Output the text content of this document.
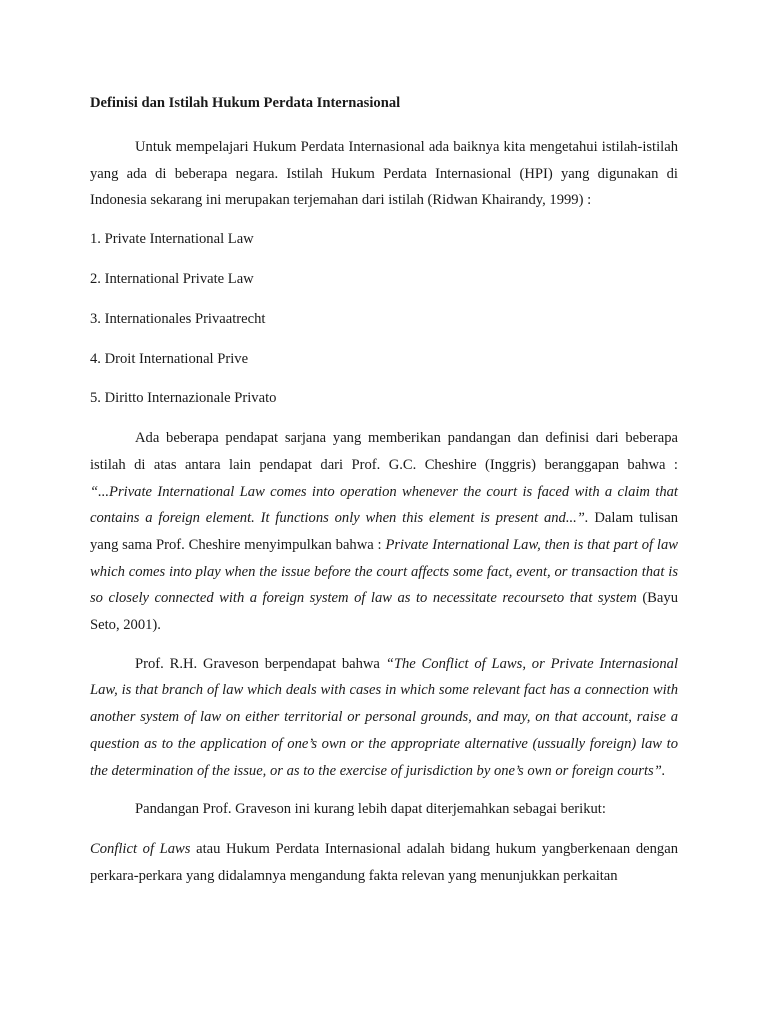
Definisi dan Istilah Hukum Perdata Internasional

Untuk mempelajari Hukum Perdata Internasional ada baiknya kita mengetahui istilah-istilah yang ada di beberapa negara. Istilah Hukum Perdata Internasional (HPI) yang digunakan di Indonesia sekarang ini merupakan terjemahan dari istilah (Ridwan Khairandy, 1999) :

1. Private International Law

2. International Private Law

3. Internationales Privaatrecht

4. Droit International Prive

5. Diritto Internazionale Privato

Ada beberapa pendapat sarjana yang memberikan pandangan dan definisi dari beberapa istilah di atas antara lain pendapat dari Prof. G.C. Cheshire (Inggris) beranggapan bahwa : “...Private International Law comes into operation whenever the court is faced with a claim that contains a foreign element. It functions only when this element is present and...”. Dalam tulisan yang sama Prof. Cheshire menyimpulkan bahwa : Private International Law, then is that part of law which comes into play when the issue before the court affects some fact, event, or transaction that is so closely connected with a foreign system of law as to necessitate recourseto that system (Bayu Seto, 2001).

Prof. R.H. Graveson berpendapat bahwa “The Conflict of Laws, or Private Internasional Law, is that branch of law which deals with cases in which some relevant fact has a connection with another system of law on either territorial or personal grounds, and may, on that account, raise a question as to the application of one’s own or the appropriate alternative (ussually foreign) law to the determination of the issue, or as to the exercise of jurisdiction by one’s own or foreign courts”.

Pandangan Prof. Graveson ini kurang lebih dapat diterjemahkan sebagai berikut:

Conflict of Laws atau Hukum Perdata Internasional adalah bidang hukum yangberkenaan dengan perkara-perkara yang didalamnya mengandung fakta relevan yang menunjukkan perkaitan
